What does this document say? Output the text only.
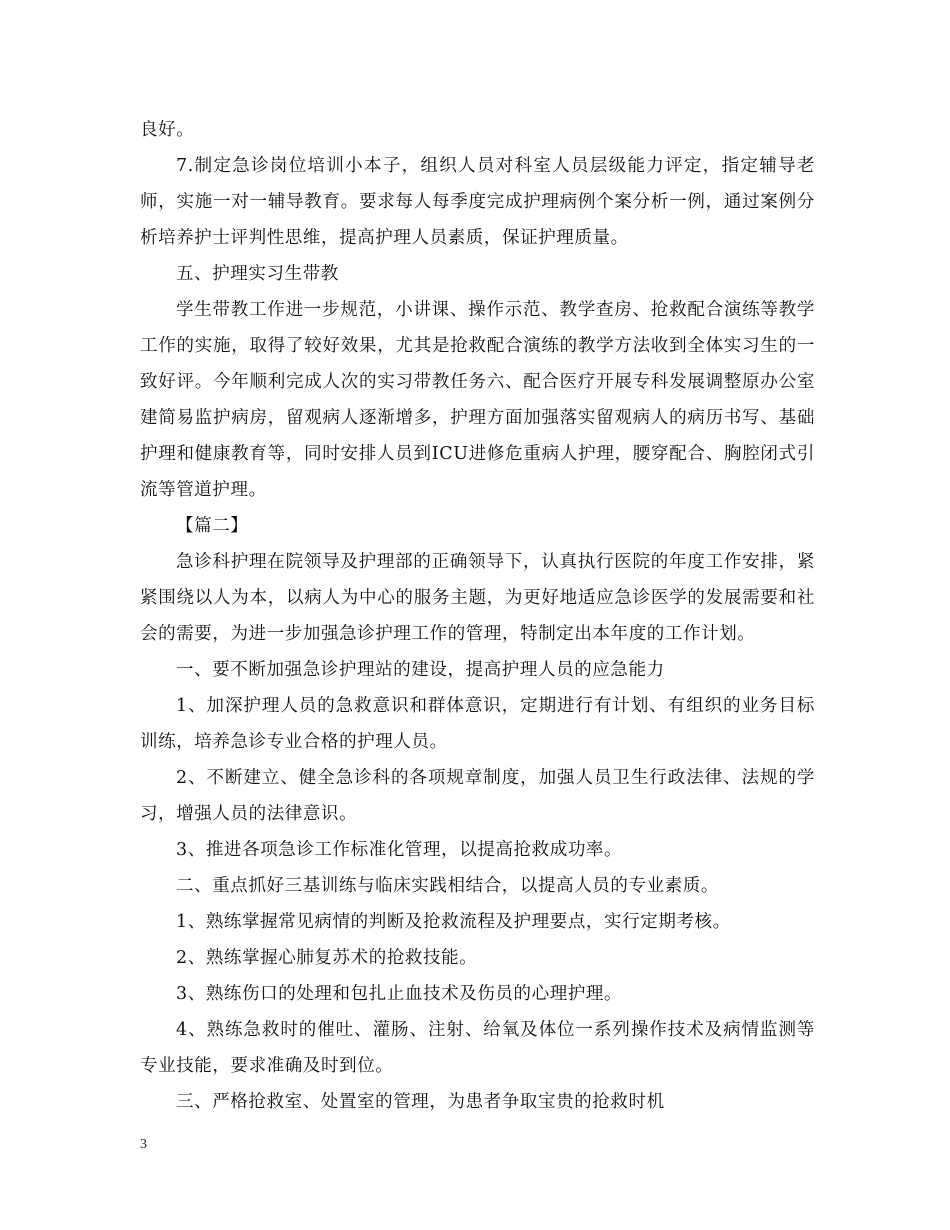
良好。

7.制定急诊岗位培训小本子，组织人员对科室人员层级能力评定，指定辅导老师，实施一对一辅导教育。要求每人每季度完成护理病例个案分析一例，通过案例分析培养护士评判性思维，提高护理人员素质，保证护理质量。

五、护理实习生带教

学生带教工作进一步规范，小讲课、操作示范、教学查房、抢救配合演练等教学工作的实施，取得了较好效果，尤其是抢救配合演练的教学方法收到全体实习生的一致好评。今年顺利完成人次的实习带教任务六、配合医疗开展专科发展调整原办公室建简易监护病房，留观病人逐渐增多，护理方面加强落实留观病人的病历书写、基础护理和健康教育等，同时安排人员到ICU进修危重病人护理，腰穿配合、胸腔闭式引流等管道护理。

【篇二】

急诊科护理在院领导及护理部的正确领导下，认真执行医院的年度工作安排，紧紧围绕以人为本，以病人为中心的服务主题，为更好地适应急诊医学的发展需要和社会的需要，为进一步加强急诊护理工作的管理，特制定出本年度的工作计划。

一、要不断加强急诊护理站的建设，提高护理人员的应急能力

1、加深护理人员的急救意识和群体意识，定期进行有计划、有组织的业务目标训练，培养急诊专业合格的护理人员。

2、不断建立、健全急诊科的各项规章制度，加强人员卫生行政法律、法规的学习，增强人员的法律意识。

3、推进各项急诊工作标准化管理，以提高抢救成功率。

二、重点抓好三基训练与临床实践相结合，以提高人员的专业素质。

1、熟练掌握常见病情的判断及抢救流程及护理要点，实行定期考核。

2、熟练掌握心肺复苏术的抢救技能。

3、熟练伤口的处理和包扎止血技术及伤员的心理护理。

4、熟练急救时的催吐、灌肠、注射、给氧及体位一系列操作技术及病情监测等专业技能，要求准确及时到位。

三、严格抢救室、处置室的管理，为患者争取宝贵的抢救时机

3
